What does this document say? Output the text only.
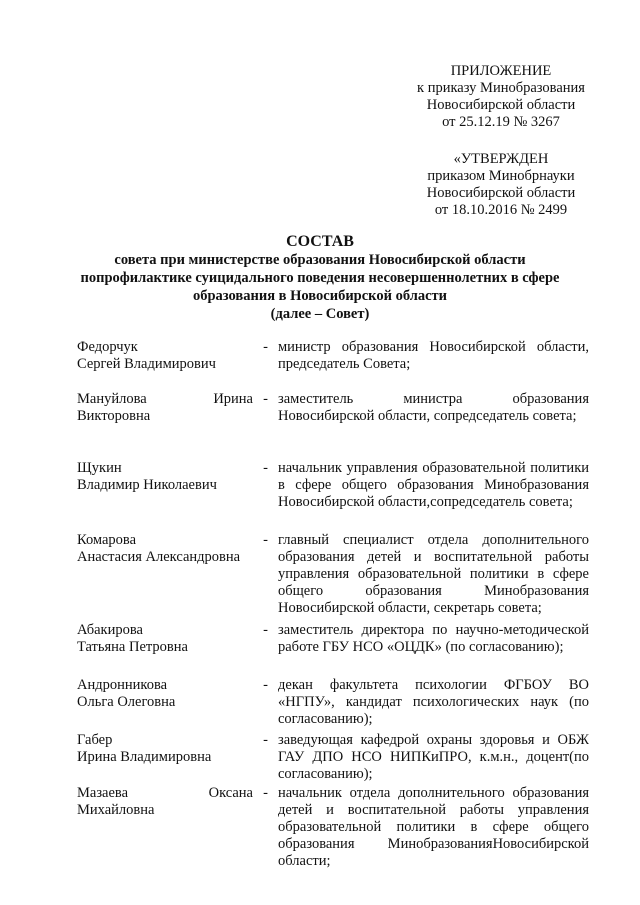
ПРИЛОЖЕНИЕ
к приказу Минобразования
Новосибирской области
от 25.12.19 № 3267
«УТВЕРЖДЕН
приказом Минобрнауки
Новосибирской области
от 18.10.2016 № 2499
СОСТАВ
совета при министерстве образования Новосибирской области
попрофилактике суицидального поведения несовершеннолетних в сфере
образования в Новосибирской области
(далее – Совет)
Федорчук
Сергей Владимирович
- министр образования Новосибирской области, председатель Совета;
Мануйлова	Ирина
Викторовна
- заместитель министра образования Новосибирской области, сопредседатель совета;
Щукин
Владимир Николаевич
- начальник управления образовательной политики в сфере общего образования Минобразования Новосибирской области,сопредседатель совета;
Комарова
Анастасия Александровна
- главный специалист отдела дополнительного образования детей и воспитательной работы управления образовательной политики в сфере общего образования Минобразования Новосибирской области, секретарь совета;
Абакирова
Татьяна Петровна
- заместитель директора по научно-методической работе ГБУ НСО «ОЦДК» (по согласованию);
Андронникова
Ольга Олеговна
- декан факультета психологии ФГБОУ ВО «НГПУ», кандидат психологических наук (по согласованию);
Габер
Ирина Владимировна
- заведующая кафедрой охраны здоровья и ОБЖ ГАУ ДПО НСО НИПКиПРО, к.м.н., доцент(по согласованию);
Мазаева	Оксана
Михайловна
- начальник отдела дополнительного образования детей и воспитательной работы управления образовательной политики в сфере общего образования МинобразованияНовосибирской области;
